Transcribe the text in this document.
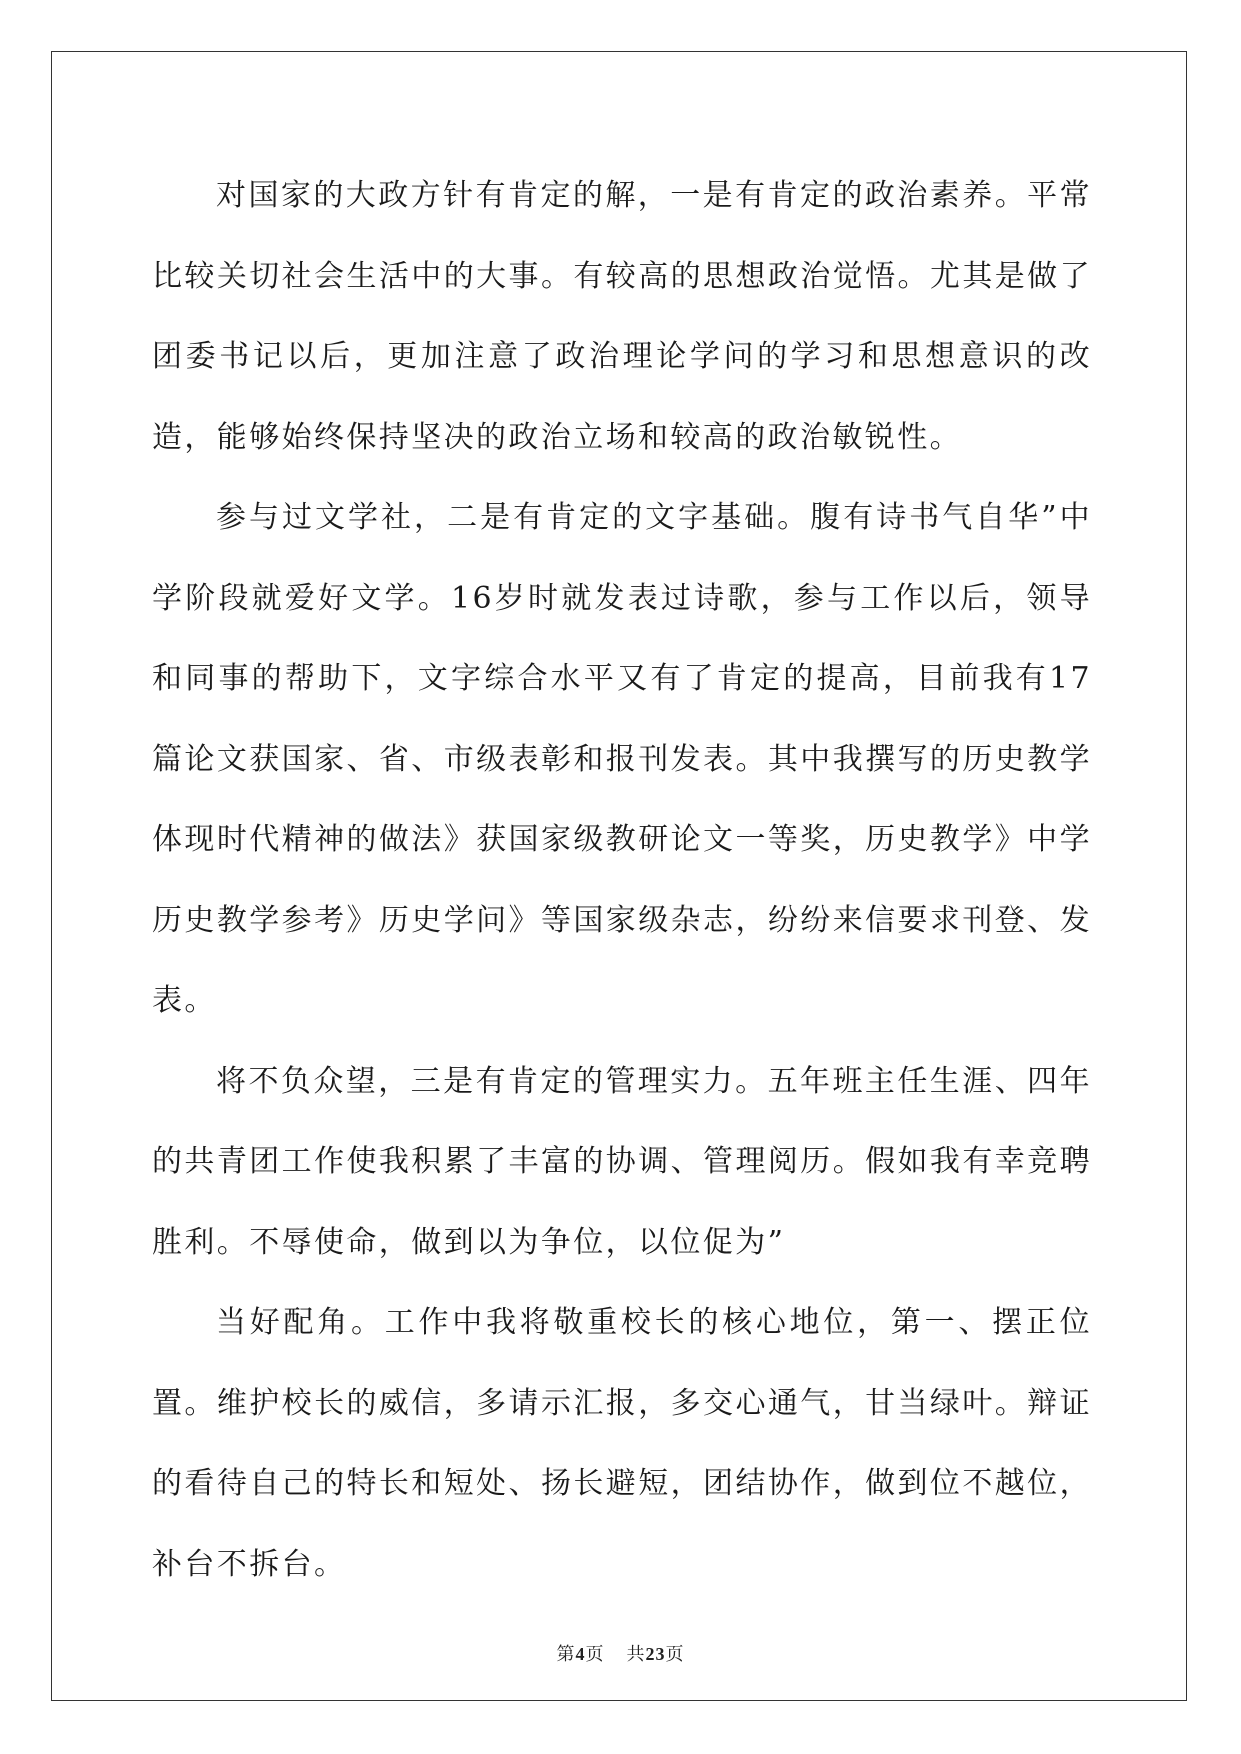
对国家的大政方针有肯定的解，一是有肯定的政治素养。平常比较关切社会生活中的大事。有较高的思想政治觉悟。尤其是做了团委书记以后，更加注意了政治理论学问的学习和思想意识的改造，能够始终保持坚决的政治立场和较高的政治敏锐性。

参与过文学社，二是有肯定的文字基础。腹有诗书气自华”中学阶段就爱好文学。16岁时就发表过诗歌，参与工作以后，领导和同事的帮助下，文字综合水平又有了肯定的提高，目前我有17篇论文获国家、省、市级表彰和报刊发表。其中我撰写的历史教学体现时代精神的做法》获国家级教研论文一等奖，历史教学》中学历史教学参考》历史学问》等国家级杂志，纷纷来信要求刊登、发表。

将不负众望，三是有肯定的管理实力。五年班主任生涯、四年的共青团工作使我积累了丰富的协调、管理阅历。假如我有幸竞聘胜利。不辱使命，做到以为争位，以位促为”

当好配角。工作中我将敬重校长的核心地位，第一、摆正位置。维护校长的威信，多请示汇报，多交心通气，甘当绿叶。辩证的看待自己的特长和短处、扬长避短，团结协作，做到位不越位，补台不拆台。

第4页 共23页
